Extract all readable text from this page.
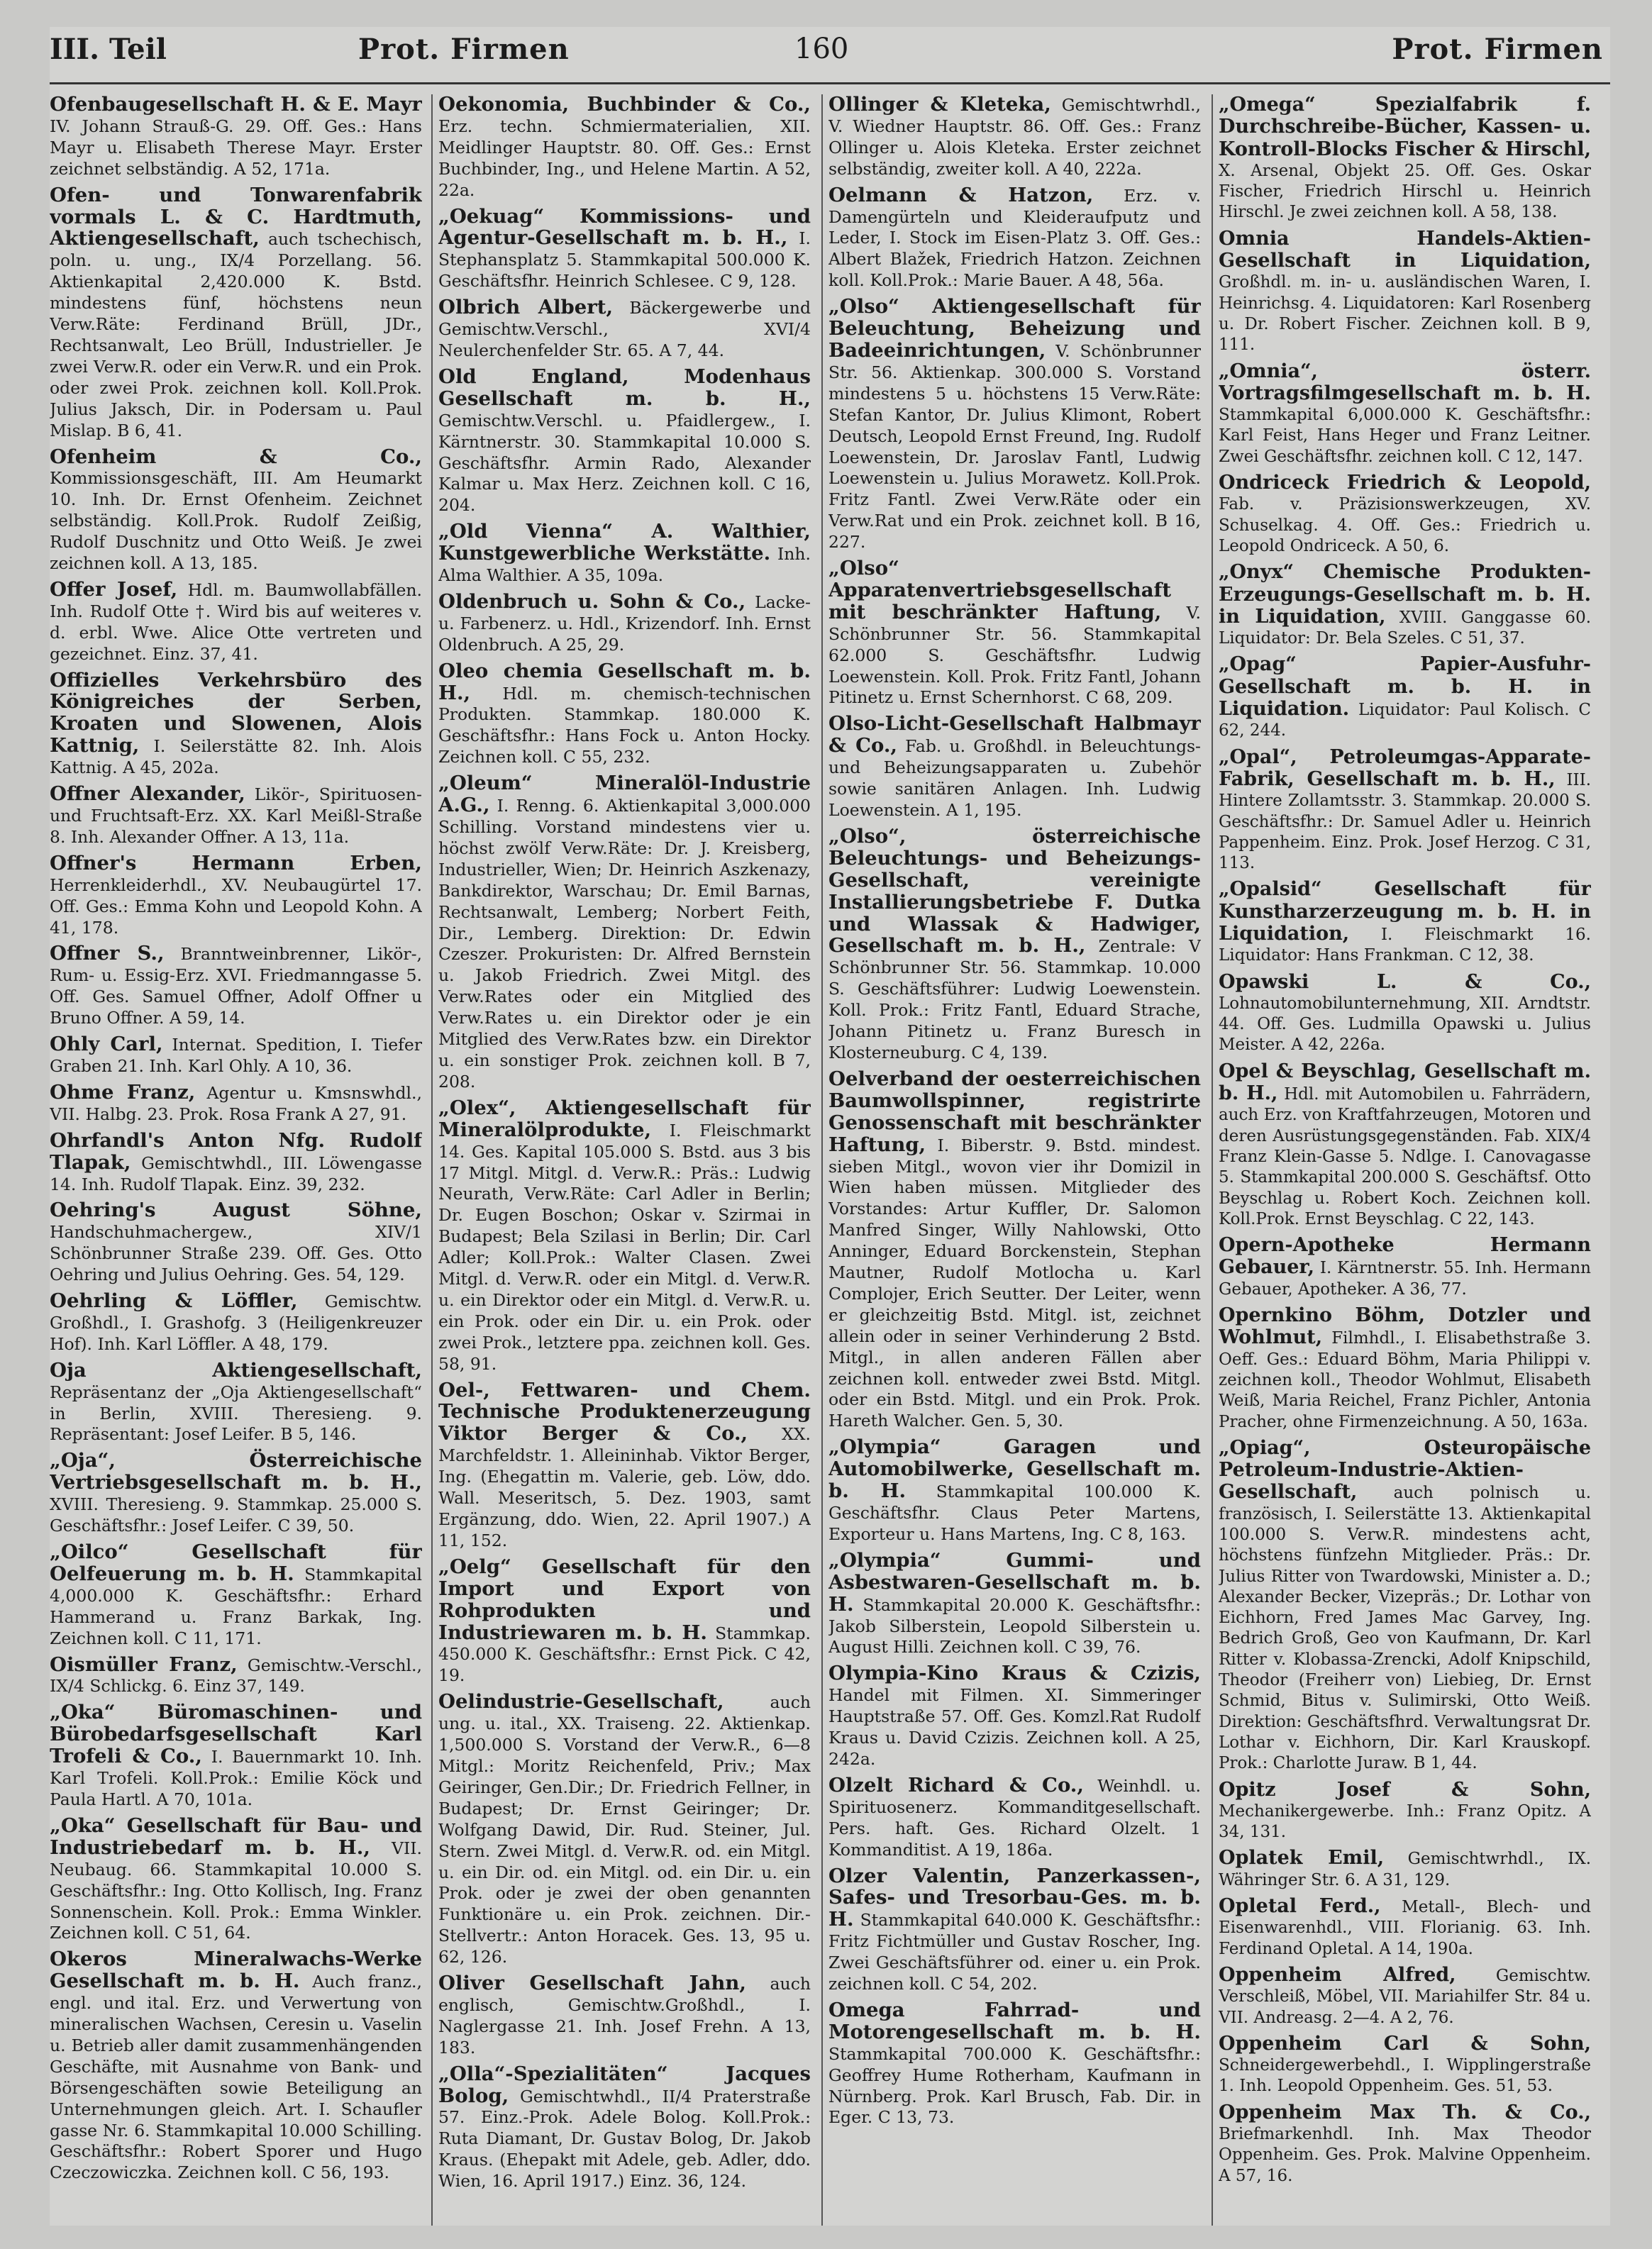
III. Teil	Prot. Firmen	160	Prot. Firmen

Ofenbaugesellschaft H. & E. Mayr IV. Johann Strauß-G. 29. Off. Ges.: Hans Mayr u. Elisabeth Therese Mayr. Erster zeichnet selbständig. A 52, 171a.

Ofen- und Tonwarenfabrik vormals L. & C. Hardtmuth, Aktiengesellschaft, auch tschechisch, poln. u. ung., IX/4 Porzellang. 56. Aktienkapital 2,420.000 K. Bstd. mindestens fünf, höchstens neun Verw.Räte: Ferdinand Brüll, JDr., Rechtsanwalt, Leo Brüll, Industrieller. Je zwei Verw.R. oder ein Verw.R. und ein Prok. oder zwei Prok. zeichnen koll. Koll.Prok. Julius Jaksch, Dir. in Podersam u. Paul Mislap. B 6, 41.

Ofenheim & Co., Kommissionsgeschäft, III. Am Heumarkt 10. Inh. Dr. Ernst Ofenheim. Zeichnet selbständig. Koll.Prok. Rudolf Zeißig, Rudolf Duschnitz und Otto Weiß. Je zwei zeichnen koll. A 13, 185.

Offer Josef, Hdl. m. Baumwollabfällen. Inh. Rudolf Otte †. Wird bis auf weiteres v. d. erbl. Wwe. Alice Otte vertreten und gezeichnet. Einz. 37, 41.

Offizielles Verkehrsbüro des Königreiches der Serben, Kroaten und Slowenen, Alois Kattnig, I. Seilerstätte 82. Inh. Alois Kattnig. A 45, 202a.

Offner Alexander, Likör-, Spirituosen- und Fruchtsaft-Erz. XX. Karl Meißl-Straße 8. Inh. Alexander Offner. A 13, 11a.

Offner's Hermann Erben, Herrenkleiderhdl., XV. Neubaugürtel 17. Off. Ges.: Emma Kohn und Leopold Kohn. A 41, 178.

Offner S., Branntweinbrenner, Likör-, Rum- u. Essig-Erz. XVI. Friedmanngasse 5. Off. Ges. Samuel Offner, Adolf Offner u Bruno Offner. A 59, 14.

Ohly Carl, Internat. Spedition, I. Tiefer Graben 21. Inh. Karl Ohly. A 10, 36.

Ohme Franz, Agentur u. Kmsnswhdl., VII. Halbg. 23. Prok. Rosa Frank A 27, 91.

Ohrfandl's Anton Nfg. Rudolf Tlapak, Gemischtwhdl., III. Löwengasse 14. Inh. Rudolf Tlapak. Einz. 39, 232.

Oehring's August Söhne, Handschuhmachergew., XIV/1 Schönbrunner Straße 239. Off. Ges. Otto Oehring und Julius Oehring. Ges. 54, 129.

Oehrling & Löffler, Gemischtw. Großhdl., I. Grashofg. 3 (Heiligenkreuzer Hof). Inh. Karl Löffler. A 48, 179.

Oja Aktiengesellschaft, Repräsentanz der „Oja Aktiengesellschaft“ in Berlin, XVIII. Theresieng. 9. Repräsentant: Josef Leifer. B 5, 146.

„Oja“, Österreichische Vertriebsgesellschaft m. b. H., XVIII. Theresieng. 9. Stammkap. 25.000 S. Geschäftsfhr.: Josef Leifer. C 39, 50.

„Oilco“ Gesellschaft für Oelfeuerung m. b. H. Stammkapital 4,000.000 K. Geschäftsfhr.: Erhard Hammerand u. Franz Barkak, Ing. Zeichnen koll. C 11, 171.

Oismüller Franz, Gemischtw.-Verschl., IX/4 Schlickg. 6. Einz 37, 149.

„Oka“ Büromaschinen- und Bürobedarfsgesellschaft Karl Trofeli & Co., I. Bauernmarkt 10. Inh. Karl Trofeli. Koll.Prok.: Emilie Köck und Paula Hartl. A 70, 101a.

„Oka“ Gesellschaft für Bau- und Industriebedarf m. b. H., VII. Neubaug. 66. Stammkapital 10.000 S. Geschäftsfhr.: Ing. Otto Kollisch, Ing. Franz Sonnenschein. Koll. Prok.: Emma Winkler. Zeichnen koll. C 51, 64.

Okeros Mineralwachs-Werke Gesellschaft m. b. H. Auch franz., engl. und ital. Erz. und Verwertung von mineralischen Wachsen, Ceresin u. Vaselin u. Betrieb aller damit zusammenhängenden Geschäfte, mit Ausnahme von Bank- und Börsengeschäften sowie Beteiligung an Unternehmungen gleich. Art. I. Schaufler gasse Nr. 6. Stammkapital 10.000 Schilling. Geschäftsfhr.: Robert Sporer und Hugo Czeczowiczka. Zeichnen koll. C 56, 193.

Oekonomia, Buchbinder & Co., Erz. techn. Schmiermaterialien, XII. Meidlinger Hauptstr. 80. Off. Ges.: Ernst Buchbinder, Ing., und Helene Martin. A 52, 22a.

„Oekuag“ Kommissions- und Agentur-Gesellschaft m. b. H., I. Stephansplatz 5. Stammkapital 500.000 K. Geschäftsfhr. Heinrich Schlesee. C 9, 128.

Olbrich Albert, Bäckergewerbe und Gemischtw.Verschl., XVI/4 Neulerchenfelder Str. 65. A 7, 44.

Old England, Modenhaus Gesellschaft m. b. H., Gemischtw.Verschl. u. Pfaidlergew., I. Kärntnerstr. 30. Stammkapital 10.000 S. Geschäftsfhr. Armin Rado, Alexander Kalmar u. Max Herz. Zeichnen koll. C 16, 204.

„Old Vienna“ A. Walthier, Kunstgewerbliche Werkstätte. Inh. Alma Walthier. A 35, 109a.

Oldenbruch u. Sohn & Co., Lacke- u. Farbenerz. u. Hdl., Krizendorf. Inh. Ernst Oldenbruch. A 25, 29.

Oleo chemia Gesellschaft m. b. H., Hdl. m. chemisch-technischen Produkten. Stammkap. 180.000 K. Geschäftsfhr.: Hans Fock u. Anton Hocky. Zeichnen koll. C 55, 232.

„Oleum“ Mineralöl-Industrie A.G., I. Renng. 6. Aktienkapital 3,000.000 Schilling. Vorstand mindestens vier u. höchst zwölf Verw.Räte: Dr. J. Kreisberg, Industrieller, Wien; Dr. Heinrich Aszkenazy, Bankdirektor, Warschau; Dr. Emil Barnas, Rechtsanwalt, Lemberg; Norbert Feith, Dir., Lemberg. Direktion: Dr. Edwin Czeszer. Prokuristen: Dr. Alfred Bernstein u. Jakob Friedrich. Zwei Mitgl. des Verw.Rates oder ein Mitglied des Verw.Rates u. ein Direktor oder je ein Mitglied des Verw.Rates bzw. ein Direktor u. ein sonstiger Prok. zeichnen koll. B 7, 208.

„Olex“, Aktiengesellschaft für Mineralölprodukte, I. Fleischmarkt 14. Ges. Kapital 105.000 S. Bstd. aus 3 bis 17 Mitgl. Mitgl. d. Verw.R.: Präs.: Ludwig Neurath, Verw.Räte: Carl Adler in Berlin; Dr. Eugen Boschon; Oskar v. Szirmai in Budapest; Bela Szilasi in Berlin; Dir. Carl Adler; Koll.Prok.: Walter Clasen. Zwei Mitgl. d. Verw.R. oder ein Mitgl. d. Verw.R. u. ein Direktor oder ein Mitgl. d. Verw.R. u. ein Prok. oder ein Dir. u. ein Prok. oder zwei Prok., letztere ppa. zeichnen koll. Ges. 58, 91.

Oel-, Fettwaren- und Chem. Technische Produktenerzeugung Viktor Berger & Co., XX. Marchfeldstr. 1. Alleininhab. Viktor Berger, Ing. (Ehegattin m. Valerie, geb. Löw, ddo. Wall. Meseritsch, 5. Dez. 1903, samt Ergänzung, ddo. Wien, 22. April 1907.) A 11, 152.

„Oelg“ Gesellschaft für den Import und Export von Rohprodukten und Industriewaren m. b. H. Stammkap. 450.000 K. Geschäftsfhr.: Ernst Pick. C 42, 19.

Oelindustrie-Gesellschaft,	auch ung. u. ital., XX. Traiseng. 22. Aktienkap. 1,500.000 S. Vorstand der Verw.R., 6—8 Mitgl.: Moritz Reichenfeld, Priv.; Max Geiringer, Gen.Dir.; Dr. Friedrich Fellner, in Budapest; Dr. Ernst Geiringer; Dr. Wolfgang Dawid, Dir. Rud. Steiner, Jul. Stern. Zwei Mitgl. d. Verw.R. od. ein Mitgl. u. ein Dir. od. ein Mitgl. od. ein Dir. u. ein Prok. oder je zwei der oben genannten Funktionäre u. ein Prok. zeichnen. Dir.-Stellvertr.: Anton Horacek. Ges. 13, 95 u. 62, 126.

Oliver Gesellschaft Jahn, auch englisch, Gemischtw.Großhdl., I. Naglergasse 21. Inh. Josef Frehn. A 13, 183.

„Olla“-Spezialitäten“ Jacques Bolog, Gemischtwhdl., II/4 Praterstraße 57. Einz.-Prok. Adele Bolog. Koll.Prok.: Ruta Diamant, Dr. Gustav Bolog, Dr. Jakob Kraus. (Ehepakt mit Adele, geb. Adler, ddo. Wien, 16. April 1917.) Einz. 36, 124.

Ollinger & Kleteka, Gemischtwrhdl., V. Wiedner Hauptstr. 86. Off. Ges.: Franz Ollinger u. Alois Kleteka. Erster zeichnet selbständig, zweiter koll. A 40, 222a.

Oelmann & Hatzon, Erz. v. Damengürteln und Kleideraufputz und Leder, I. Stock im Eisen-Platz 3. Off. Ges.: Albert Blažek, Friedrich Hatzon. Zeichnen koll. Koll.Prok.: Marie Bauer. A 48, 56a.

„Olso“ Aktiengesellschaft für Beleuchtung, Beheizung und Badeeinrichtungen, V. Schönbrunner Str. 56. Aktienkap. 300.000 S. Vorstand mindestens 5 u. höchstens 15 Verw.Räte: Stefan Kantor, Dr. Julius Klimont, Robert Deutsch, Leopold Ernst Freund, Ing. Rudolf Loewenstein, Dr. Jaroslav Fantl, Ludwig Loewenstein u. Julius Morawetz. Koll.Prok. Fritz Fantl. Zwei Verw.Räte oder ein Verw.Rat und ein Prok. zeichnet koll. B 16, 227.

„Olso“ Apparatenvertriebsgesellschaft mit beschränkter Haftung, V. Schönbrunner Str. 56. Stammkapital 62.000 S. Geschäftsfhr. Ludwig Loewenstein. Koll. Prok. Fritz Fantl, Johann Pitinetz u. Ernst Schernhorst. C 68, 209.

Olso-Licht-Gesellschaft Halbmayr & Co., Fab. u. Großhdl. in Beleuchtungs- und Beheizungsapparaten u. Zubehör sowie sanitären Anlagen. Inh. Ludwig Loewenstein. A 1, 195.

„Olso“, österreichische Beleuchtungs- und Beheizungs-Gesellschaft, vereinigte Installierungsbetriebe F. Dutka und Wlassak & Hadwiger, Gesellschaft m. b. H., Zentrale: V Schönbrunner Str. 56. Stammkap. 10.000 S. Geschäftsführer: Ludwig Loewenstein. Koll. Prok.: Fritz Fantl, Eduard Strache, Johann Pitinetz u. Franz Buresch in Klosterneuburg. C 4, 139.

Oelverband der oesterreichischen Baumwollspinner, registrirte Genossenschaft mit beschränkter Haftung, I. Biberstr. 9. Bstd. mindest. sieben Mitgl., wovon vier ihr Domizil in Wien haben müssen. Mitglieder des Vorstandes: Artur Kuffler, Dr. Salomon Manfred Singer, Willy Nahlowski, Otto Anninger, Eduard Borckenstein, Stephan Mautner, Rudolf Motlocha u. Karl Complojer, Erich Seutter. Der Leiter, wenn er gleichzeitig Bstd. Mitgl. ist, zeichnet allein oder in seiner Verhinderung 2 Bstd. Mitgl., in allen anderen Fällen aber zeichnen koll. entweder zwei Bstd. Mitgl. oder ein Bstd. Mitgl. und ein Prok. Prok. Hareth Walcher. Gen. 5, 30.

„Olympia“ Garagen und Automobilwerke, Gesellschaft m. b. H. Stammkapital 100.000 K. Geschäftsfhr. Claus Peter Martens, Exporteur u. Hans Martens, Ing. C 8, 163.

„Olympia“ Gummi- und Asbestwaren-Gesellschaft m. b. H. Stammkapital 20.000 K. Geschäftsfhr.: Jakob Silberstein, Leopold Silberstein u. August Hilli. Zeichnen koll. C 39, 76.

Olympia-Kino Kraus & Czizis, Handel mit Filmen. XI. Simmeringer Hauptstraße 57. Off. Ges. Komzl.Rat Rudolf Kraus u. David Czizis. Zeichnen koll. A 25, 242a.

Olzelt Richard & Co., Weinhdl. u. Spirituosenerz. Kommanditgesellschaft. Pers. haft. Ges. Richard Olzelt. 1 Kommanditist. A 19, 186a.

Olzer Valentin, Panzerkassen-, Safes- und Tresorbau-Ges. m. b. H. Stammkapital 640.000 K. Geschäftsfhr.: Fritz Fichtmüller und Gustav Roscher, Ing. Zwei Geschäftsführer od. einer u. ein Prok. zeichnen koll. C 54, 202.

Omega Fahrrad- und Motorengesellschaft m. b. H. Stammkapital 700.000 K. Geschäftsfhr.: Geoffrey Hume Rotherham, Kaufmann in Nürnberg. Prok. Karl Brusch, Fab. Dir. in Eger. C 13, 73.

„Omega“ Spezialfabrik f. Durchschreibe-Bücher, Kassen- u. Kontroll-Blocks Fischer & Hirschl, X. Arsenal, Objekt 25. Off. Ges. Oskar Fischer, Friedrich Hirschl u. Heinrich Hirschl. Je zwei zeichnen koll. A 58, 138.

Omnia Handels-Aktien-Gesellschaft in Liquidation, Großhdl. m. in- u. ausländischen Waren, I. Heinrichsg. 4. Liquidatoren: Karl Rosenberg u. Dr. Robert Fischer. Zeichnen koll. B 9, 111.

„Omnia“, österr. Vortragsfilmgesellschaft m. b. H. Stammkapital 6,000.000 K. Geschäftsfhr.: Karl Feist, Hans Heger und Franz Leitner. Zwei Geschäftsfhr. zeichnen koll. C 12, 147.

Ondriceck Friedrich & Leopold, Fab. v. Präzisionswerkzeugen, XV. Schuselkag. 4. Off. Ges.: Friedrich u. Leopold Ondriceck. A 50, 6.

„Onyx“ Chemische Produkten-Erzeugungs-Gesellschaft m. b. H. in Liquidation, XVIII. Ganggasse 60. Liquidator: Dr. Bela Szeles. C 51, 37.

„Opag“ Papier-Ausfuhr-Gesellschaft m. b. H. in Liquidation. Liquidator: Paul Kolisch. C 62, 244.

„Opal“, Petroleumgas-Apparate-Fabrik, Gesellschaft m. b. H., III. Hintere Zollamtsstr. 3. Stammkap. 20.000 S. Geschäftsfhr.: Dr. Samuel Adler u. Heinrich Pappenheim. Einz. Prok. Josef Herzog. C 31, 113.

„Opalsid“ Gesellschaft für Kunstharzerzeugung m. b. H. in Liquidation, I. Fleischmarkt 16. Liquidator: Hans Frankman. C 12, 38.

Opawski L. & Co., Lohnautomobilunternehmung, XII. Arndtstr. 44. Off. Ges. Ludmilla Opawski u. Julius Meister. A 42, 226a.

Opel & Beyschlag, Gesellschaft m. b. H., Hdl. mit Automobilen u. Fahrrädern, auch Erz. von Kraftfahrzeugen, Motoren und deren Ausrüstungsgegenständen. Fab. XIX/4 Franz Klein-Gasse 5. Ndlge. I. Canovagasse 5. Stammkapital 200.000 S. Geschäftsf. Otto Beyschlag u. Robert Koch. Zeichnen koll. Koll.Prok. Ernst Beyschlag. C 22, 143.

Opern-Apotheke Hermann Gebauer, I. Kärntnerstr. 55. Inh. Hermann Gebauer, Apotheker. A 36, 77.

Opernkino Böhm, Dotzler und Wohlmut, Filmhdl., I. Elisabethstraße 3. Oeff. Ges.: Eduard Böhm, Maria Philippi v. zeichnen koll., Theodor Wohlmut, Elisabeth Weiß, Maria Reichel, Franz Pichler, Antonia Pracher, ohne Firmenzeichnung. A 50, 163a.

„Opiag“, Osteuropäische Petroleum-Industrie-Aktien-Gesellschaft, auch polnisch u. französisch, I. Seilerstätte 13. Aktienkapital 100.000 S. Verw.R. mindestens acht, höchstens fünfzehn Mitglieder. Präs.: Dr. Julius Ritter von Twardowski, Minister a. D.; Alexander Becker, Vizepräs.; Dr. Lothar von Eichhorn, Fred James Mac Garvey, Ing. Bedrich Groß, Geo von Kaufmann, Dr. Karl Ritter v. Klobassa-Zrencki, Adolf Knipschild, Theodor (Freiherr von) Liebieg, Dr. Ernst Schmid, Bitus v. Sulimirski, Otto Weiß. Direktion: Geschäftsfhrd. Verwaltungsrat Dr. Lothar v. Eichhorn, Dir. Karl Krauskopf. Prok.: Charlotte Juraw. B 1, 44.

Opitz Josef & Sohn, Mechanikergewerbe. Inh.: Franz Opitz. A 34, 131.

Oplatek Emil, Gemischtwrhdl., IX. Währinger Str. 6. A 31, 129.

Opletal Ferd., Metall-, Blech- und Eisenwarenhdl., VIII. Florianig. 63. Inh. Ferdinand Opletal. A 14, 190a.

Oppenheim Alfred, Gemischtw. Verschleiß, Möbel, VII. Mariahilfer Str. 84 u. VII. Andreasg. 2—4. A 2, 76.

Oppenheim Carl & Sohn, Schneidergewerbehdl., I. Wipplingerstraße 1. Inh. Leopold Oppenheim. Ges. 51, 53.

Oppenheim Max Th. & Co., Briefmarkenhdl. Inh. Max Theodor Oppenheim. Ges. Prok. Malvine Oppenheim. A 57, 16.
